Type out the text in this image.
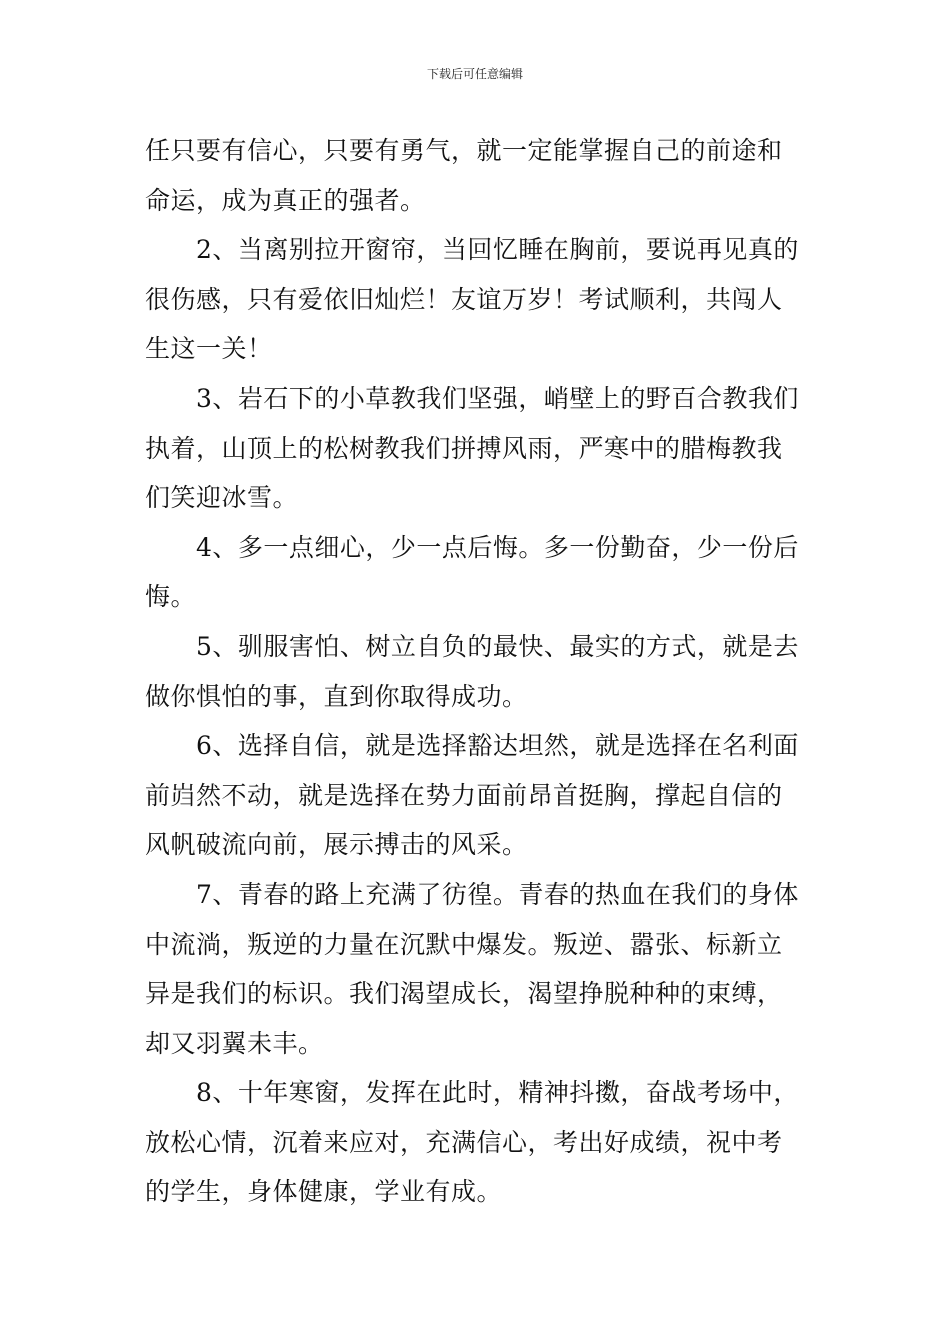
下载后可任意编辑
任只要有信心，只要有勇气，就一定能掌握自己的前途和
命运，成为真正的强者。
2、当离别拉开窗帘，当回忆睡在胸前，要说再见真的
很伤感，只有爱依旧灿烂！友谊万岁！考试顺利，共闯人
生这一关！
3、岩石下的小草教我们坚强，峭壁上的野百合教我们
执着，山顶上的松树教我们拼搏风雨，严寒中的腊梅教我
们笑迎冰雪。
4、多一点细心，少一点后悔。多一份勤奋，少一份后
悔。
5、驯服害怕、树立自负的最快、最实的方式，就是去
做你惧怕的事，直到你取得成功。
6、选择自信，就是选择豁达坦然，就是选择在名利面
前岿然不动，就是选择在势力面前昂首挺胸，撑起自信的
风帆破流向前，展示搏击的风采。
7、青春的路上充满了彷徨。青春的热血在我们的身体
中流淌，叛逆的力量在沉默中爆发。叛逆、嚣张、标新立
异是我们的标识。我们渴望成长，渴望挣脱种种的束缚，
却又羽翼未丰。
8、十年寒窗，发挥在此时，精神抖擞，奋战考场中，
放松心情，沉着来应对，充满信心，考出好成绩，祝中考
的学生，身体健康，学业有成。
